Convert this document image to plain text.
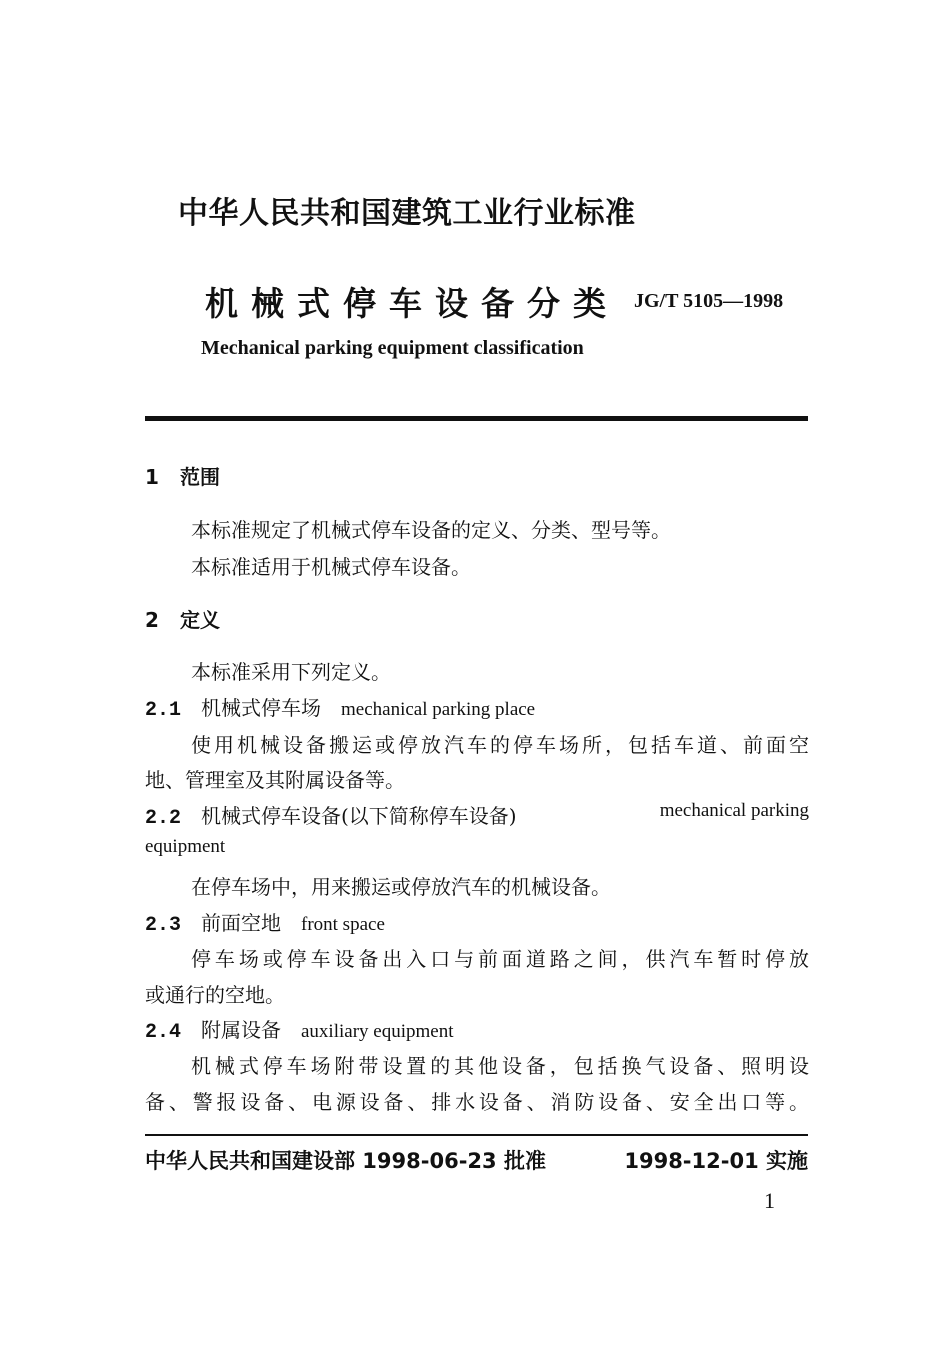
中华人民共和国建筑工业行业标准
机械式停车设备分类 JG/T 5105—1998
Mechanical parking equipment classification
1 范围
本标准规定了机械式停车设备的定义、分类、型号等。
本标准适用于机械式停车设备。
2 定义
本标准采用下列定义。
2.1 机械式停车场 mechanical parking place
使用机械设备搬运或停放汽车的停车场所，包括车道、前面空
地、管理室及其附属设备等。
2.2 机械式停车设备(以下简称停车设备)	mechanical parking
equipment
在停车场中，用来搬运或停放汽车的机械设备。
2.3 前面空地 front space
停车场或停车设备出入口与前面道路之间，供汽车暂时停放
或通行的空地。
2.4 附属设备 auxiliary equipment
机械式停车场附带设置的其他设备，包括换气设备、照明设
备、警报设备、电源设备、排水设备、消防设备、安全出口等。
中华人民共和国建设部 1998-06-23 批准	1998-12-01 实施
1
